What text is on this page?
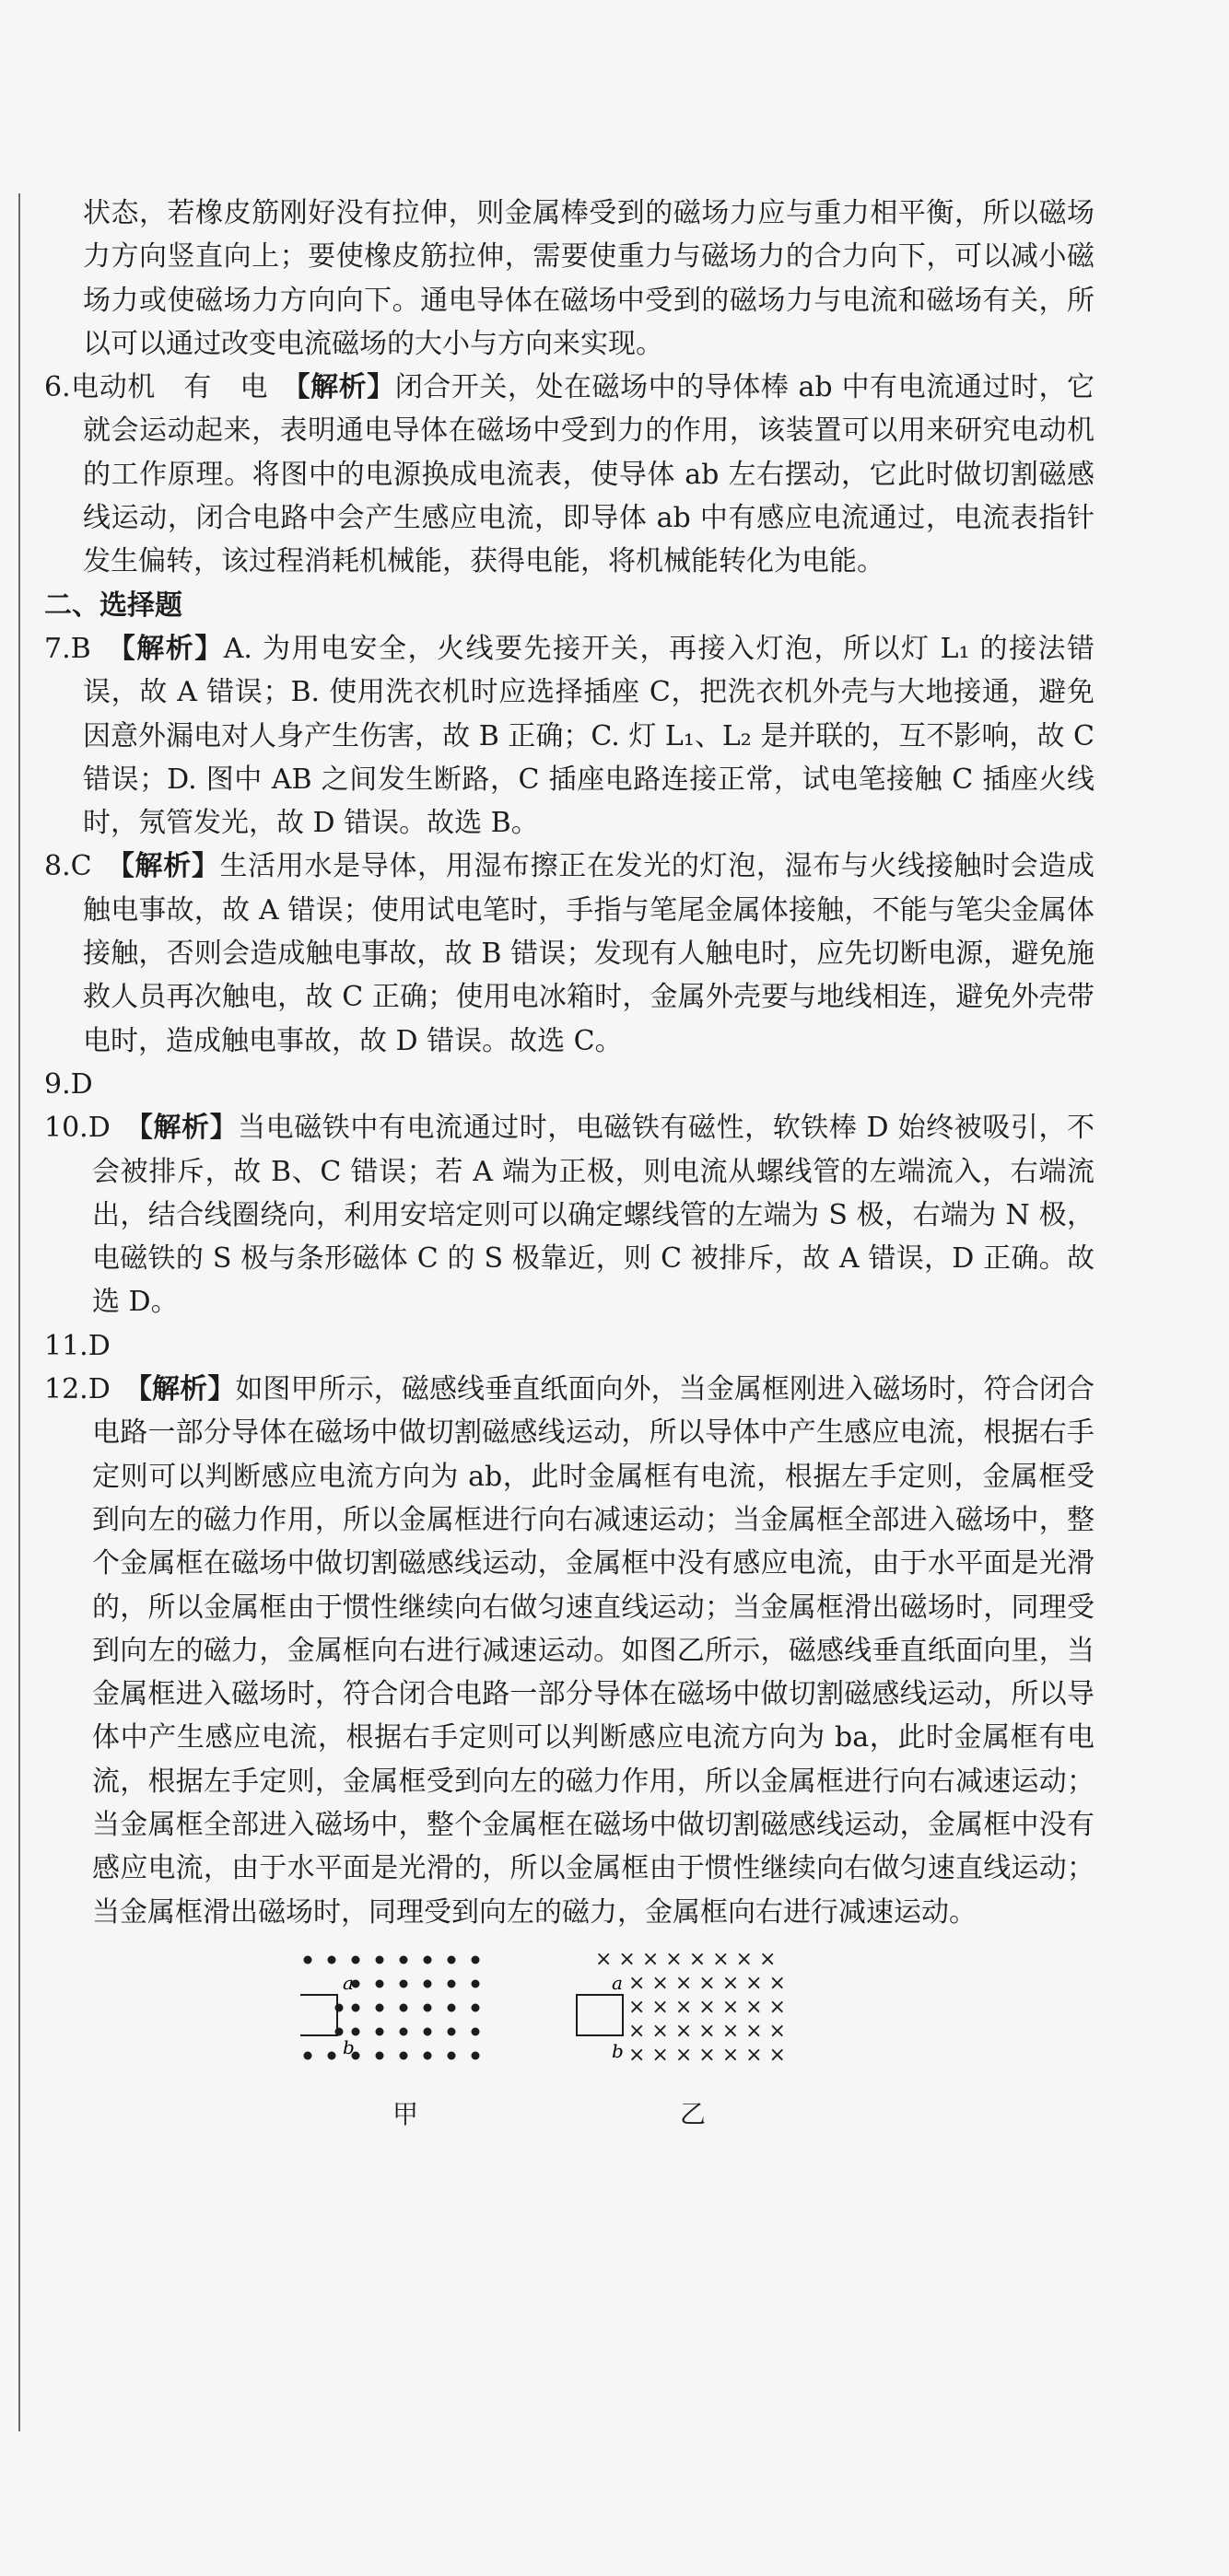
状态，若橡皮筋刚好没有拉伸，则金属棒受到的磁场力应与重力相平衡，所以磁场力方向竖直向上；要使橡皮筋拉伸，需要使重力与磁场力的合力向下，可以减小磁场力或使磁场力方向向下。通电导体在磁场中受到的磁场力与电流和磁场有关，所以可以通过改变电流磁场的大小与方向来实现。

6.电动机　有　电　【解析】闭合开关，处在磁场中的导体棒 ab 中有电流通过时，它就会运动起来，表明通电导体在磁场中受到力的作用，该装置可以用来研究电动机的工作原理。将图中的电源换成电流表，使导体 ab 左右摆动，它此时做切割磁感线运动，闭合电路中会产生感应电流，即导体 ab 中有感应电流通过，电流表指针发生偏转，该过程消耗机械能，获得电能，将机械能转化为电能。

二、选择题

7.B　【解析】A. 为用电安全，火线要先接开关，再接入灯泡，所以灯 L₁ 的接法错误，故 A 错误；B. 使用洗衣机时应选择插座 C，把洗衣机外壳与大地接通，避免因意外漏电对人身产生伤害，故 B 正确；C. 灯 L₁、L₂ 是并联的，互不影响，故 C 错误；D. 图中 AB 之间发生断路，C 插座电路连接正常，试电笔接触 C 插座火线时，氖管发光，故 D 错误。故选 B。

8.C　【解析】生活用水是导体，用湿布擦正在发光的灯泡，湿布与火线接触时会造成触电事故，故 A 错误；使用试电笔时，手指与笔尾金属体接触，不能与笔尖金属体接触，否则会造成触电事故，故 B 错误；发现有人触电时，应先切断电源，避免施救人员再次触电，故 C 正确；使用电冰箱时，金属外壳要与地线相连，避免外壳带电时，造成触电事故，故 D 错误。故选 C。

9.D

10.D　【解析】当电磁铁中有电流通过时，电磁铁有磁性，软铁棒 D 始终被吸引，不会被排斥，故 B、C 错误；若 A 端为正极，则电流从螺线管的左端流入，右端流出，结合线圈绕向，利用安培定则可以确定螺线管的左端为 S 极，右端为 N 极，电磁铁的 S 极与条形磁体 C 的 S 极靠近，则 C 被排斥，故 A 错误，D 正确。故选 D。

11.D

12.D　【解析】如图甲所示，磁感线垂直纸面向外，当金属框刚进入磁场时，符合闭合电路一部分导体在磁场中做切割磁感线运动，所以导体中产生感应电流，根据右手定则可以判断感应电流方向为 ab，此时金属框有电流，根据左手定则，金属框受到向左的磁力作用，所以金属框进行向右减速运动；当金属框全部进入磁场中，整个金属框在磁场中做切割磁感线运动，金属框中没有感应电流，由于水平面是光滑的，所以金属框由于惯性继续向右做匀速直线运动；当金属框滑出磁场时，同理受到向左的磁力，金属框向右进行减速运动。如图乙所示，磁感线垂直纸面向里，当金属框进入磁场时，符合闭合电路一部分导体在磁场中做切割磁感线运动，所以导体中产生感应电流，根据右手定则可以判断感应电流方向为 ba，此时金属框有电流，根据左手定则，金属框受到向左的磁力作用，所以金属框进行向右减速运动；当金属框全部进入磁场中，整个金属框在磁场中做切割磁感线运动，金属框中没有感应电流，由于水平面是光滑的，所以金属框由于惯性继续向右做匀速直线运动；当金属框滑出磁场时，同理受到向左的磁力，金属框向右进行减速运动。

a
b
× × × × × × × ×
× × × × × × ×
× × × × × × ×
× × × × × × ×
× × × × × × ×
a
b
甲	乙
